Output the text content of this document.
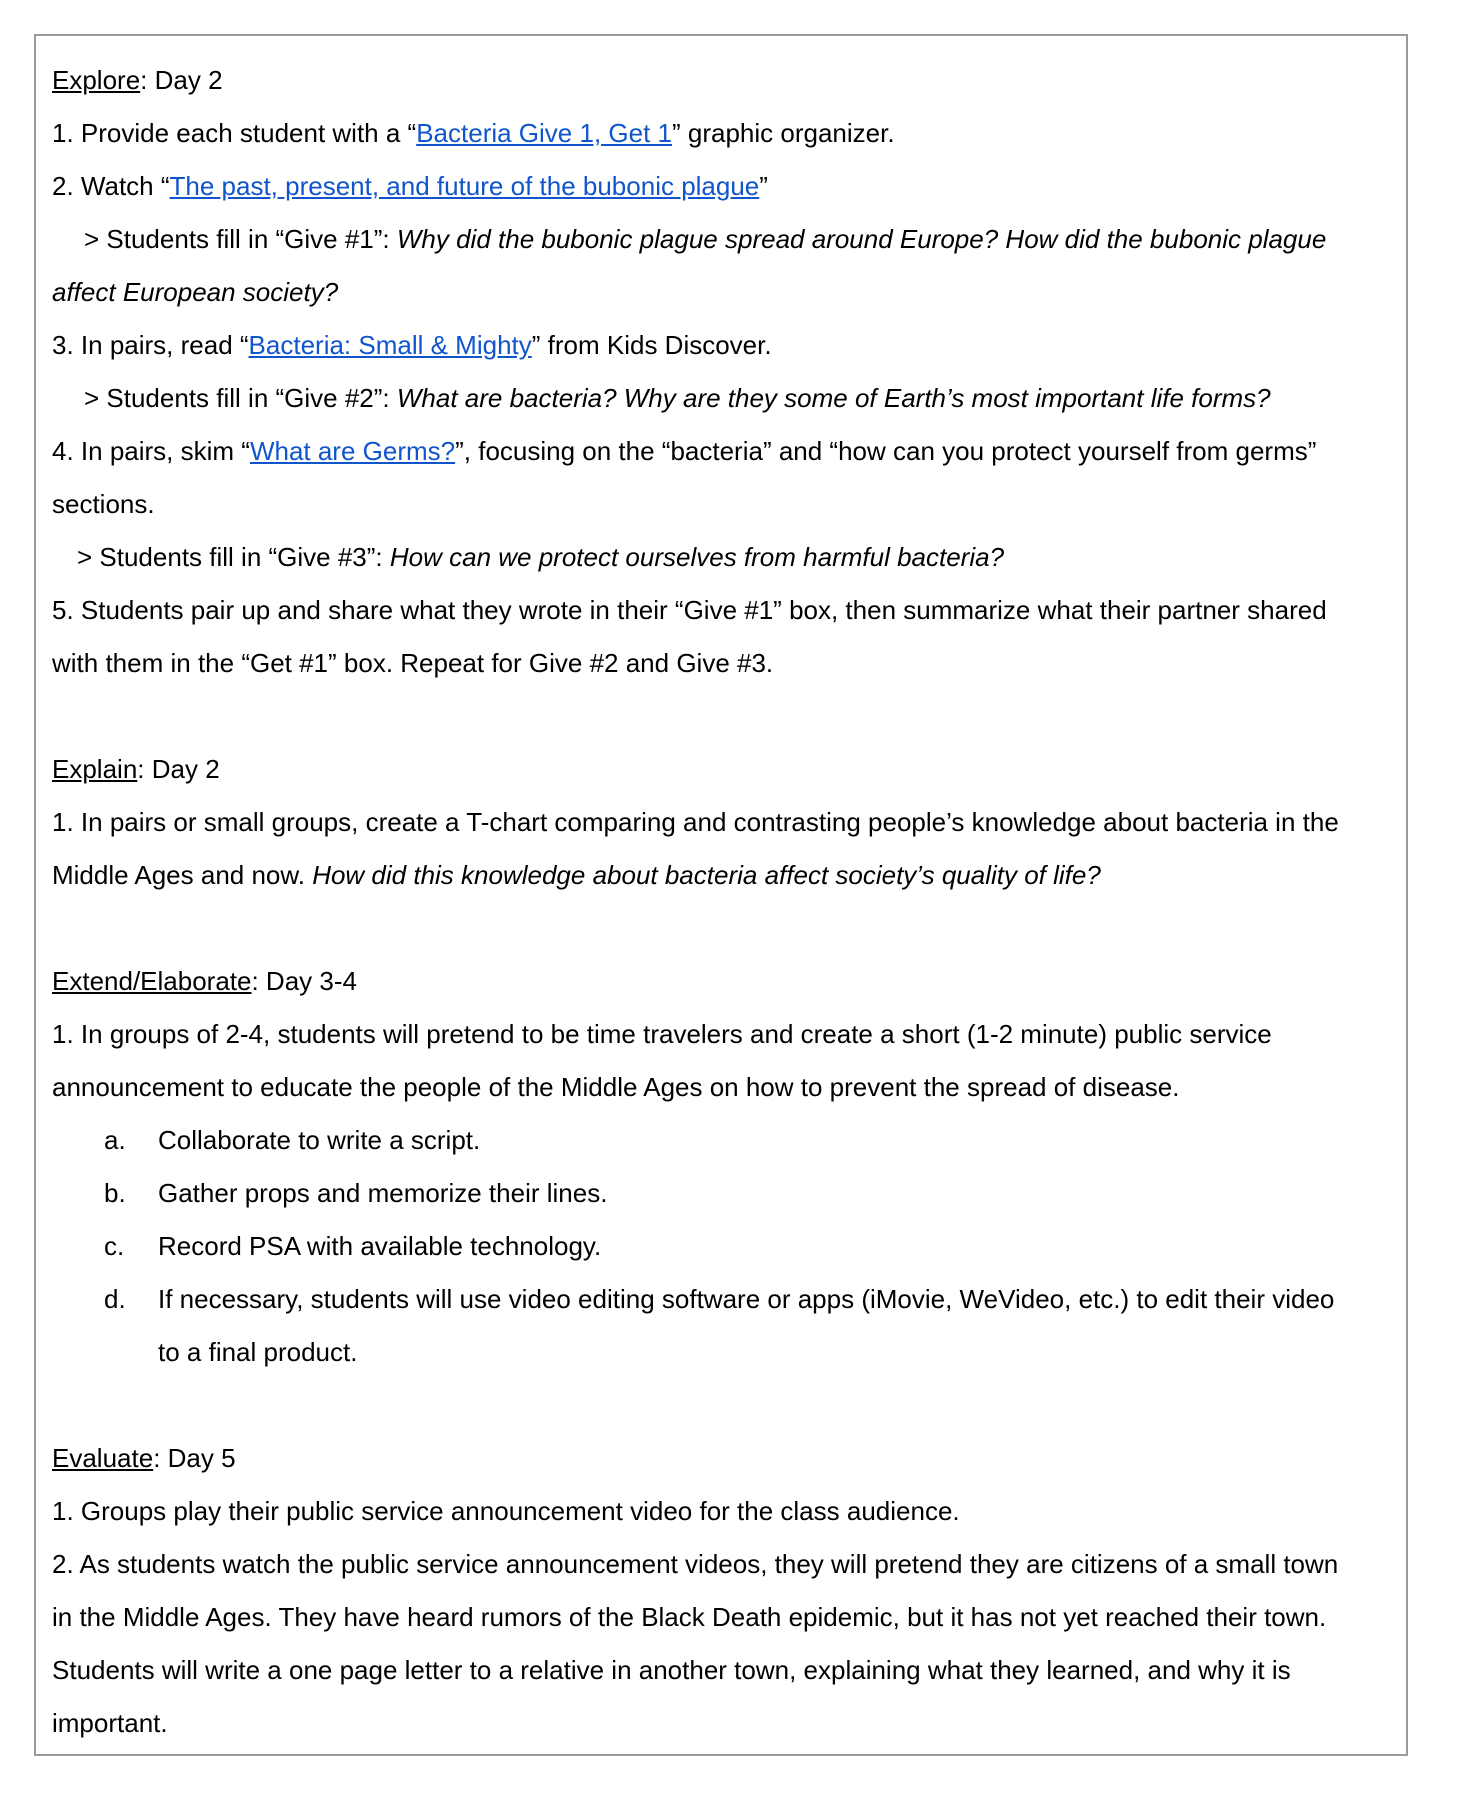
Explore: Day 2
1. Provide each student with a “Bacteria Give 1, Get 1” graphic organizer.
2. Watch “The past, present, and future of the bubonic plague”
> Students fill in “Give #1”: Why did the bubonic plague spread around Europe? How did the bubonic plague
affect European society?
3. In pairs, read “Bacteria: Small & Mighty” from Kids Discover.
> Students fill in “Give #2”: What are bacteria? Why are they some of Earth’s most important life forms?
4. In pairs, skim “What are Germs?”, focusing on the “bacteria” and “how can you protect yourself from germs”
sections.
> Students fill in “Give #3”: How can we protect ourselves from harmful bacteria?
5. Students pair up and share what they wrote in their “Give #1” box, then summarize what their partner shared
with them in the “Get #1” box. Repeat for Give #2 and Give #3.
Explain: Day 2
1. In pairs or small groups, create a T-chart comparing and contrasting people’s knowledge about bacteria in the
Middle Ages and now. How did this knowledge about bacteria affect society’s quality of life?
Extend/Elaborate: Day 3-4
1. In groups of 2-4, students will pretend to be time travelers and create a short (1-2 minute) public service
announcement to educate the people of the Middle Ages on how to prevent the spread of disease.
a.	Collaborate to write a script.
b.	Gather props and memorize their lines.
c.	Record PSA with available technology.
d.	If necessary, students will use video editing software or apps (iMovie, WeVideo, etc.) to edit their video
to a final product.
Evaluate: Day 5
1. Groups play their public service announcement video for the class audience.
2. As students watch the public service announcement videos, they will pretend they are citizens of a small town
in the Middle Ages. They have heard rumors of the Black Death epidemic, but it has not yet reached their town.
Students will write a one page letter to a relative in another town, explaining what they learned, and why it is
important.
